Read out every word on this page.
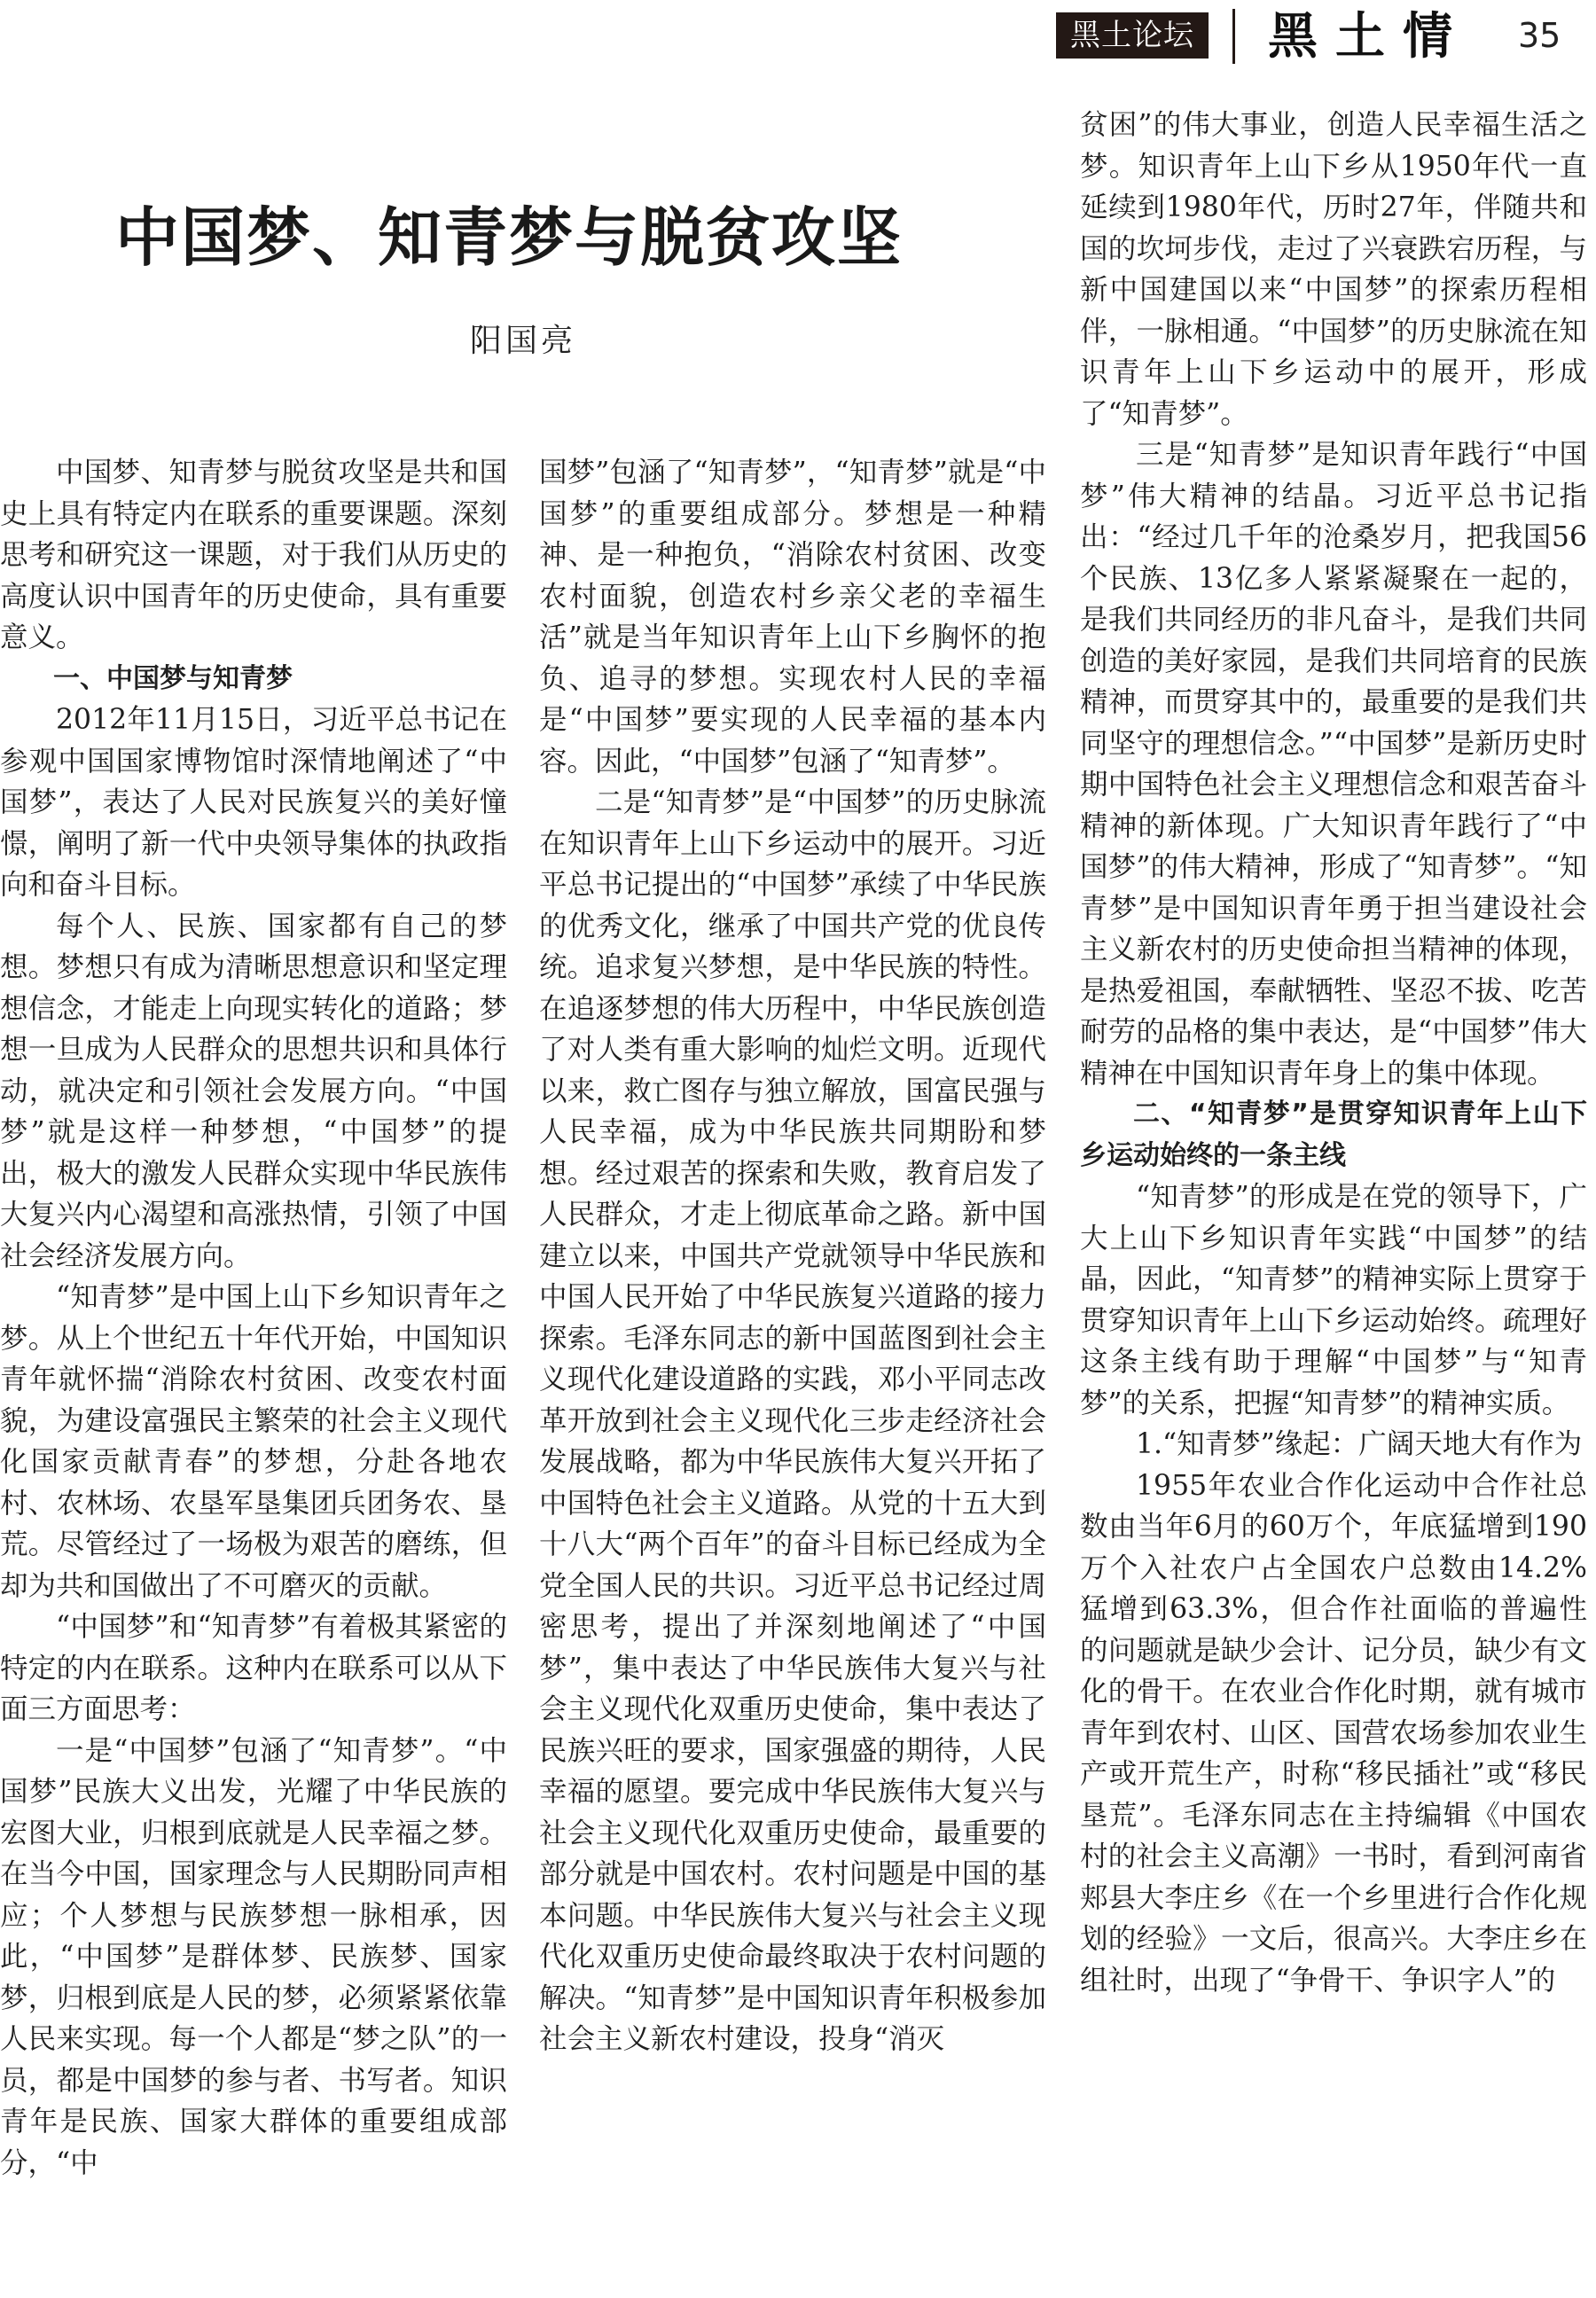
黑土论坛 黑土情 35
中国梦、知青梦与脱贫攻坚
阳国亮

中国梦、知青梦与脱贫攻坚是共和国史上具有特定内在联系的重要课题。深刻思考和研究这一课题，对于我们从历史的高度认识中国青年的历史使命，具有重要意义。

一、中国梦与知青梦

2012年11月15日，习近平总书记在参观中国国家博物馆时深情地阐述了“中国梦”，表达了人民对民族复兴的美好憧憬，阐明了新一代中央领导集体的执政指向和奋斗目标。

每个人、民族、国家都有自己的梦想。梦想只有成为清晰思想意识和坚定理想信念，才能走上向现实转化的道路；梦想一旦成为人民群众的思想共识和具体行动，就决定和引领社会发展方向。“中国梦”就是这样一种梦想，“中国梦”的提出，极大的激发人民群众实现中华民族伟大复兴内心渴望和高涨热情，引领了中国社会经济发展方向。

“知青梦”是中国上山下乡知识青年之梦。从上个世纪五十年代开始，中国知识青年就怀揣“消除农村贫困、改变农村面貌，为建设富强民主繁荣的社会主义现代化国家贡献青春”的梦想，分赴各地农村、农林场、农垦军垦集团兵团务农、垦荒。尽管经过了一场极为艰苦的磨练，但却为共和国做出了不可磨灭的贡献。

“中国梦”和“知青梦”有着极其紧密的特定的内在联系。这种内在联系可以从下面三方面思考：

一是“中国梦”包涵了“知青梦”。“中国梦”民族大义出发，光耀了中华民族的宏图大业，归根到底就是人民幸福之梦。在当今中国，国家理念与人民期盼同声相应；个人梦想与民族梦想一脉相承，因此，“中国梦”是群体梦、民族梦、国家梦，归根到底是人民的梦，必须紧紧依靠人民来实现。每一个人都是“梦之队”的一员，都是中国梦的参与者、书写者。知识青年是民族、国家大群体的重要组成部分，“中

国梦”包涵了“知青梦”，“知青梦”就是“中国梦”的重要组成部分。梦想是一种精神、是一种抱负，“消除农村贫困、改变农村面貌，创造农村乡亲父老的幸福生活”就是当年知识青年上山下乡胸怀的抱负、追寻的梦想。实现农村人民的幸福是“中国梦”要实现的人民幸福的基本内容。因此，“中国梦”包涵了“知青梦”。

二是“知青梦”是“中国梦”的历史脉流在知识青年上山下乡运动中的展开。习近平总书记提出的“中国梦”承续了中华民族的优秀文化，继承了中国共产党的优良传统。追求复兴梦想，是中华民族的特性。在追逐梦想的伟大历程中，中华民族创造了对人类有重大影响的灿烂文明。近现代以来，救亡图存与独立解放，国富民强与人民幸福，成为中华民族共同期盼和梦想。经过艰苦的探索和失败，教育启发了人民群众，才走上彻底革命之路。新中国建立以来，中国共产党就领导中华民族和中国人民开始了中华民族复兴道路的接力探索。毛泽东同志的新中国蓝图到社会主义现代化建设道路的实践，邓小平同志改革开放到社会主义现代化三步走经济社会发展战略，都为中华民族伟大复兴开拓了中国特色社会主义道路。从党的十五大到十八大“两个百年”的奋斗目标已经成为全党全国人民的共识。习近平总书记经过周密思考，提出了并深刻地阐述了“中国梦”，集中表达了中华民族伟大复兴与社会主义现代化双重历史使命，集中表达了民族兴旺的要求，国家强盛的期待，人民幸福的愿望。要完成中华民族伟大复兴与社会主义现代化双重历史使命，最重要的部分就是中国农村。农村问题是中国的基本问题。中华民族伟大复兴与社会主义现代化双重历史使命最终取决于农村问题的解决。“知青梦”是中国知识青年积极参加社会主义新农村建设，投身“消灭

贫困”的伟大事业，创造人民幸福生活之梦。知识青年上山下乡从1950年代一直延续到1980年代，历时27年，伴随共和国的坎坷步伐，走过了兴衰跌宕历程，与新中国建国以来“中国梦”的探索历程相伴，一脉相通。“中国梦”的历史脉流在知识青年上山下乡运动中的展开，形成了“知青梦”。

三是“知青梦”是知识青年践行“中国梦”伟大精神的结晶。习近平总书记指出：“经过几千年的沧桑岁月，把我国56个民族、13亿多人紧紧凝聚在一起的，是我们共同经历的非凡奋斗，是我们共同创造的美好家园，是我们共同培育的民族精神，而贯穿其中的，最重要的是我们共同坚守的理想信念。”“中国梦”是新历史时期中国特色社会主义理想信念和艰苦奋斗精神的新体现。广大知识青年践行了“中国梦”的伟大精神，形成了“知青梦”。“知青梦”是中国知识青年勇于担当建设社会主义新农村的历史使命担当精神的体现，是热爱祖国，奉献牺牲、坚忍不拔、吃苦耐劳的品格的集中表达，是“中国梦”伟大精神在中国知识青年身上的集中体现。

二、“知青梦”是贯穿知识青年上山下乡运动始终的一条主线

“知青梦”的形成是在党的领导下，广大上山下乡知识青年实践“中国梦”的结晶，因此，“知青梦”的精神实际上贯穿于贯穿知识青年上山下乡运动始终。疏理好这条主线有助于理解“中国梦”与“知青梦”的关系，把握“知青梦”的精神实质。

1.“知青梦”缘起：广阔天地大有作为

1955年农业合作化运动中合作社总数由当年6月的60万个，年底猛增到190万个入社农户占全国农户总数由14.2%猛增到63.3%，但合作社面临的普遍性的问题就是缺少会计、记分员，缺少有文化的骨干。在农业合作化时期，就有城市青年到农村、山区、国营农场参加农业生产或开荒生产，时称“移民插社”或“移民垦荒”。毛泽东同志在主持编辑《中国农村的社会主义高潮》一书时，看到河南省郏县大李庄乡《在一个乡里进行合作化规划的经验》一文后，很高兴。大李庄乡在组社时，出现了“争骨干、争识字人”的
